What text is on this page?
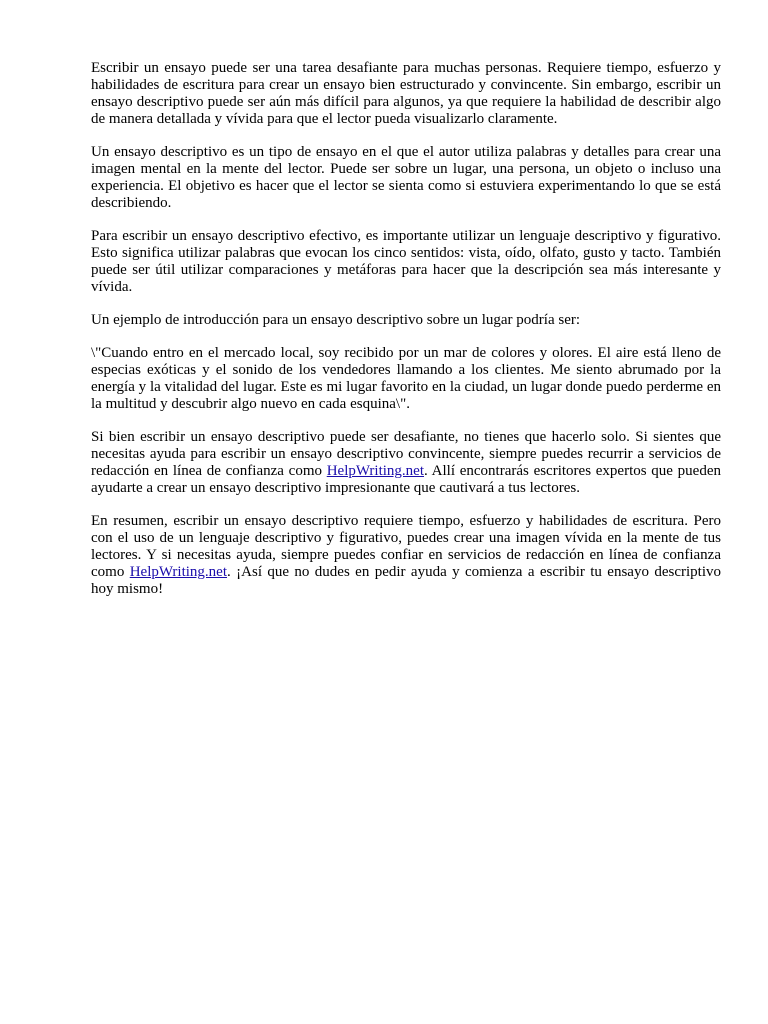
Escribir un ensayo puede ser una tarea desafiante para muchas personas. Requiere tiempo, esfuerzo y habilidades de escritura para crear un ensayo bien estructurado y convincente. Sin embargo, escribir un ensayo descriptivo puede ser aún más difícil para algunos, ya que requiere la habilidad de describir algo de manera detallada y vívida para que el lector pueda visualizarlo claramente.

Un ensayo descriptivo es un tipo de ensayo en el que el autor utiliza palabras y detalles para crear una imagen mental en la mente del lector. Puede ser sobre un lugar, una persona, un objeto o incluso una experiencia. El objetivo es hacer que el lector se sienta como si estuviera experimentando lo que se está describiendo.

Para escribir un ensayo descriptivo efectivo, es importante utilizar un lenguaje descriptivo y figurativo. Esto significa utilizar palabras que evocan los cinco sentidos: vista, oído, olfato, gusto y tacto. También puede ser útil utilizar comparaciones y metáforas para hacer que la descripción sea más interesante y vívida.

Un ejemplo de introducción para un ensayo descriptivo sobre un lugar podría ser:

\"Cuando entro en el mercado local, soy recibido por un mar de colores y olores. El aire está lleno de especias exóticas y el sonido de los vendedores llamando a los clientes. Me siento abrumado por la energía y la vitalidad del lugar. Este es mi lugar favorito en la ciudad, un lugar donde puedo perderme en la multitud y descubrir algo nuevo en cada esquina\".

Si bien escribir un ensayo descriptivo puede ser desafiante, no tienes que hacerlo solo. Si sientes que necesitas ayuda para escribir un ensayo descriptivo convincente, siempre puedes recurrir a servicios de redacción en línea de confianza como HelpWriting.net. Allí encontrarás escritores expertos que pueden ayudarte a crear un ensayo descriptivo impresionante que cautivará a tus lectores.

En resumen, escribir un ensayo descriptivo requiere tiempo, esfuerzo y habilidades de escritura. Pero con el uso de un lenguaje descriptivo y figurativo, puedes crear una imagen vívida en la mente de tus lectores. Y si necesitas ayuda, siempre puedes confiar en servicios de redacción en línea de confianza como HelpWriting.net. ¡Así que no dudes en pedir ayuda y comienza a escribir tu ensayo descriptivo hoy mismo!
